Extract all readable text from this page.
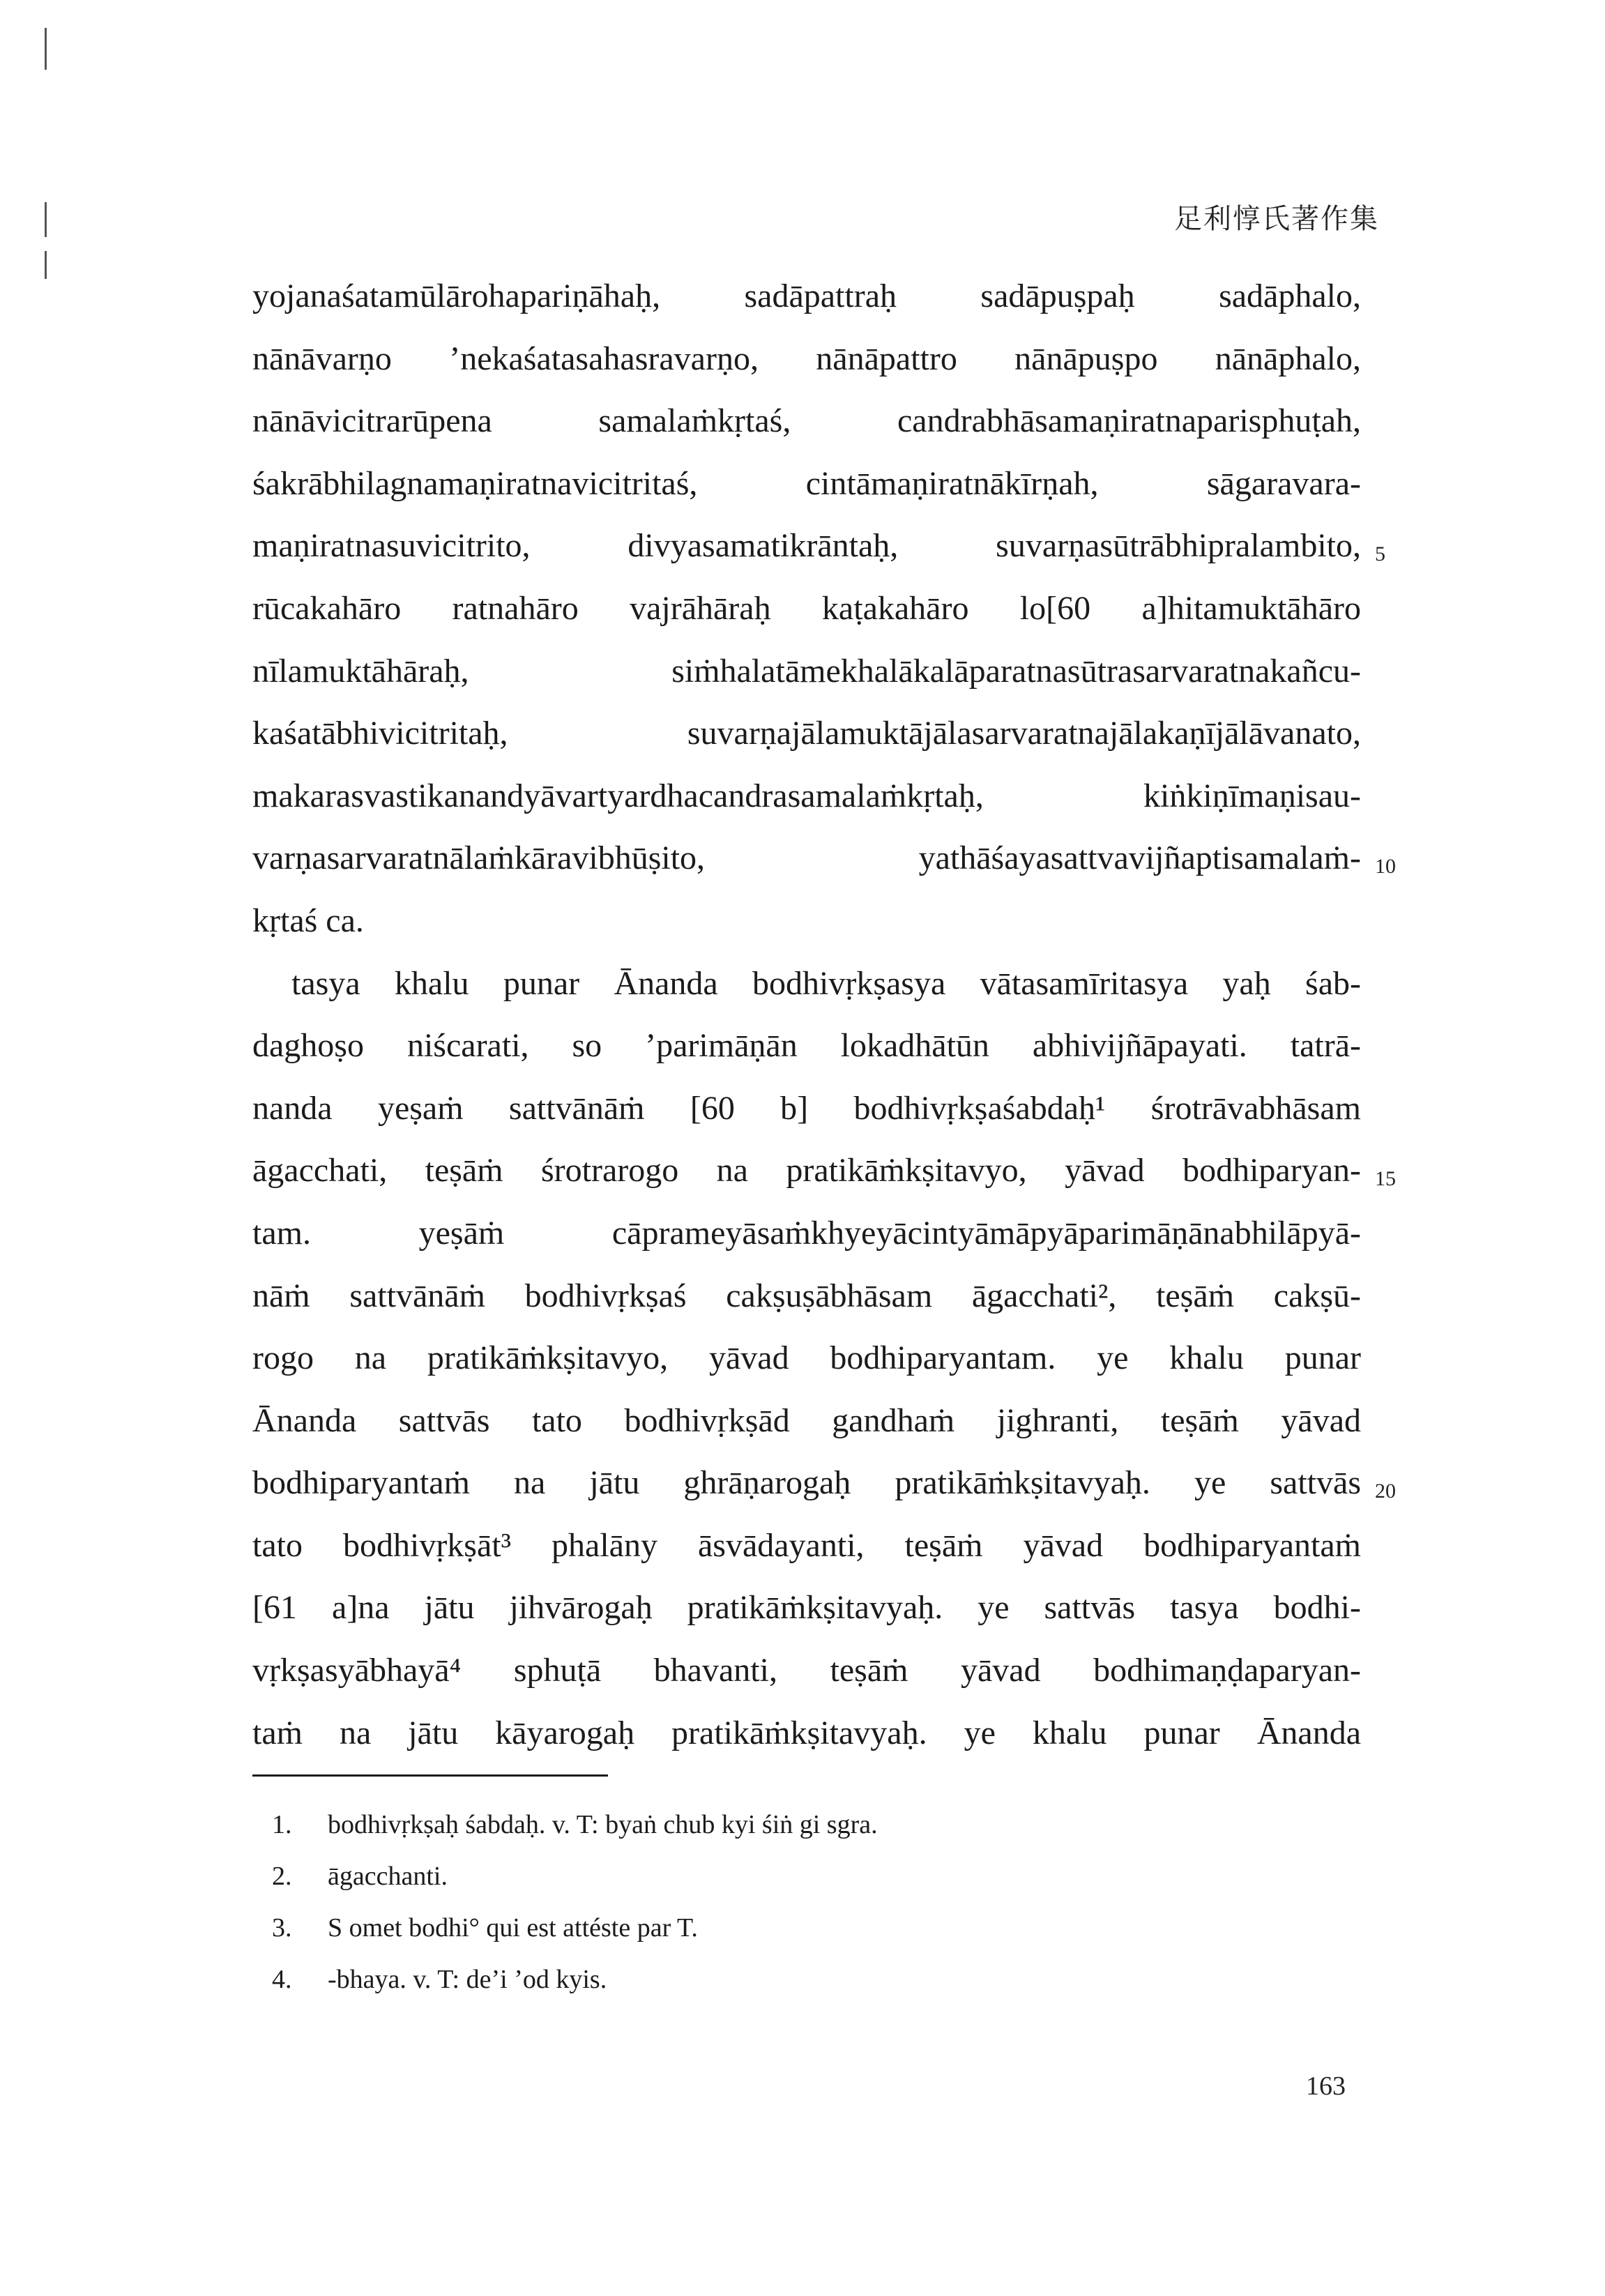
足利惇氏著作集
yojanaśatamūlārohapariṇāhaḥ, sadāpattraḥ sadāpuṣpaḥ sadāphalo,
nānāvarṇo ’nekaśatasahasravarṇo, nānāpattro nānāpuṣpo nānāphalo,
nānāvicitrarūpena samalaṁkṛtaś, candrabhāsamaṇiratnaparisphuṭah,
śakrābhilagnamaṇiratnavicitritaś, cintāmaṇiratnākīrṇah, sāgaravara-
maṇiratnasuvicitrito, divyasamatikrāntaḥ, suvarṇasūtrābhipralambito, 5
rūcakahāro ratnahāro vajrāhāraḥ kaṭakahāro lo[60 a]hitamuktāhāro
nīlamuktāhāraḥ, siṁhalatāmekhalākalāparatnasūtrasarvaratnakañcu-
kaśatābhivicitritaḥ, suvarṇajālamuktājālasarvaratnajālakaṇījālāvanato,
makarasvastikanandyāvartyardhacandrasamalaṁkṛtaḥ, kiṅkiṇīmaṇisau-
varṇasarvaratnālaṁkāravibhūṣito, yathāśayasattvavijñaptisamalaṁ- 10
kṛtaś ca.
tasya khalu punar Ānanda bodhivṛkṣasya vātasamīritasya yaḥ śab-
daghoṣo niścarati, so ’parimāṇān lokadhātūn abhivijñāpayati. tatrā-
nanda yeṣaṁ sattvānāṁ [60 b] bodhivṛkṣaśabdaḥ¹ śrotrāvabhāsam
āgacchati, teṣāṁ śrotrarogo na pratikāṁkṣitavyo, yāvad bodhiparyan- 15
tam. yeṣāṁ cāprameyāsaṁkhyeyācintyāmāpyāparimāṇānabhilāpyā-
nāṁ sattvānāṁ bodhivṛkṣaś cakṣuṣābhāsam āgacchati², teṣāṁ cakṣū-
rogo na pratikāṁkṣitavyo, yāvad bodhiparyantam. ye khalu punar
Ānanda sattvās tato bodhivṛkṣād gandhaṁ jighranti, teṣāṁ yāvad
bodhiparyantaṁ na jātu ghrāṇarogaḥ pratikāṁkṣitavyaḥ. ye sattvās 20
tato bodhivṛkṣāt³ phalāny āsvādayanti, teṣāṁ yāvad bodhiparyantaṁ
[61 a]na jātu jihvārogaḥ pratikāṁkṣitavyaḥ. ye sattvās tasya bodhi-
vṛkṣasyābhayā⁴ sphuṭā bhavanti, teṣāṁ yāvad bodhimaṇḍaparyan-
taṁ na jātu kāyarogaḥ pratikāṁkṣitavyaḥ. ye khalu punar Ānanda
1. bodhivṛkṣaḥ śabdaḥ. v. T: byaṅ chub kyi śiṅ gi sgra.
2. āgacchanti.
3. S omet bodhi° qui est attéste par T.
4. -bhaya. v. T: de’i ’od kyis.
163
